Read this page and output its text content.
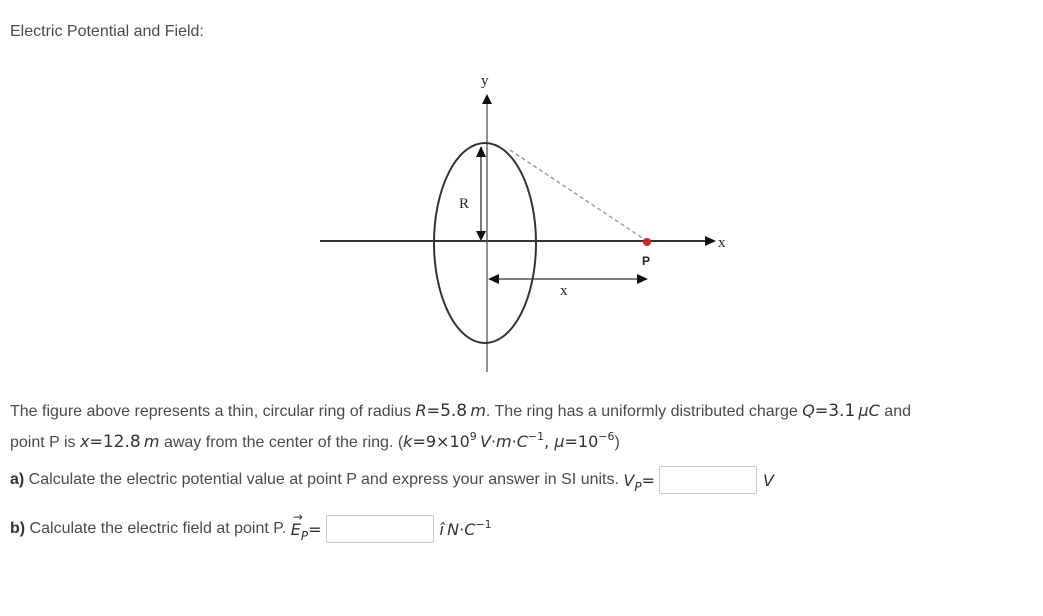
Electric Potential and Field:
y
x
R
P
x
The figure above represents a thin, circular ring of radius R=5.8  m. The ring has a uniformly distributed charge Q=3.1  μC and
point P is x=12.8  m away from the center of the ring. ($k=9\times 10^9$  $V\cdot m\cdot C^{-1}$, $\mu=10^{-6}$)
a) Calculate the electric potential value at point P and express your answer in SI units. $V_P=$	V
b) Calculate the electric field at point P.
→
$E_P=$	î  $N\cdot C^{-1}$
